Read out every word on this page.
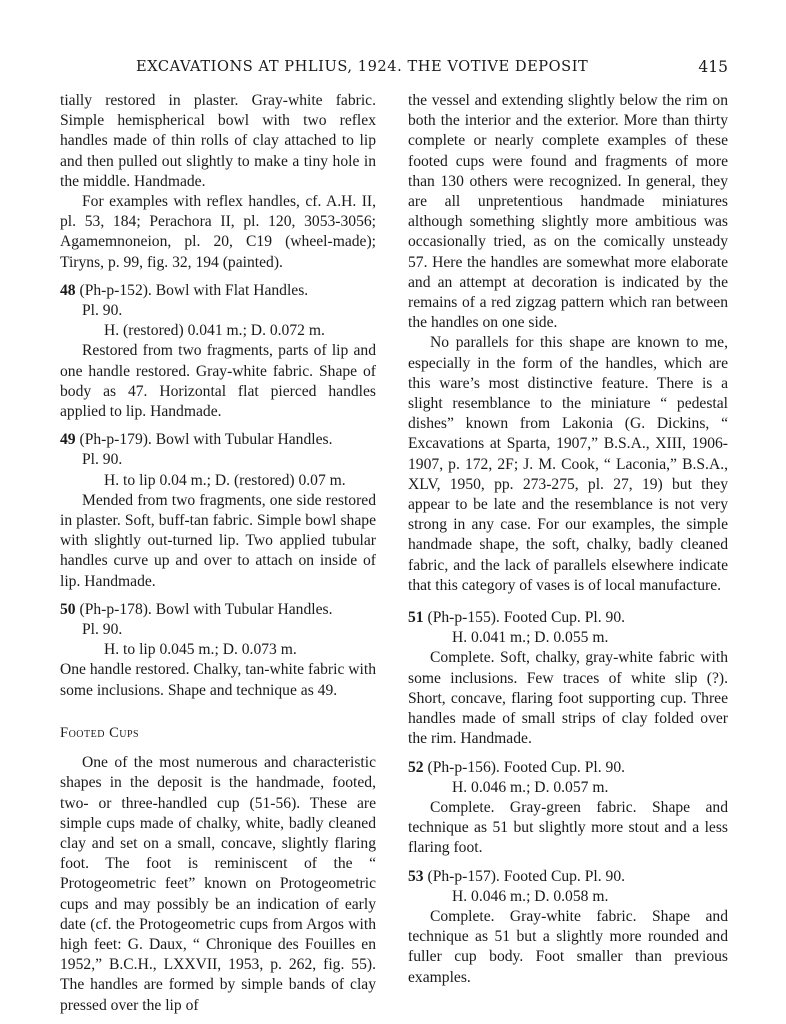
EXCAVATIONS AT PHLIUS, 1924. THE VOTIVE DEPOSIT	415

tially restored in plaster. Gray-white fabric. Simple hemispherical bowl with two reflex handles made of thin rolls of clay attached to lip and then pulled out slightly to make a tiny hole in the middle. Handmade.

For examples with reflex handles, cf. A.H. II, pl. 53, 184; Perachora II, pl. 120, 3053-3056; Agamemnoneion, pl. 20, C19 (wheel-made); Tiryns, p. 99, fig. 32, 194 (painted).

48 (Ph-p-152). Bowl with Flat Handles.

Pl. 90.

H. (restored) 0.041 m.; D. 0.072 m.

Restored from two fragments, parts of lip and one handle restored. Gray-white fabric. Shape of body as 47. Horizontal flat pierced handles applied to lip. Handmade.

49 (Ph-p-179). Bowl with Tubular Handles.

Pl. 90.

H. to lip 0.04 m.; D. (restored) 0.07 m.

Mended from two fragments, one side restored in plaster. Soft, buff-tan fabric. Simple bowl shape with slightly out-turned lip. Two applied tubular handles curve up and over to attach on inside of lip. Handmade.

50 (Ph-p-178). Bowl with Tubular Handles.

Pl. 90.

H. to lip 0.045 m.; D. 0.073 m.

One handle restored. Chalky, tan-white fabric with some inclusions. Shape and technique as 49.

Footed Cups

One of the most numerous and characteristic shapes in the deposit is the handmade, footed, two- or three-handled cup (51-56). These are simple cups made of chalky, white, badly cleaned clay and set on a small, concave, slightly flaring foot. The foot is reminiscent of the “ Protogeometric feet” known on Protogeometric cups and may possibly be an indication of early date (cf. the Protogeometric cups from Argos with high feet: G. Daux, “ Chronique des Fouilles en 1952,” B.C.H., LXXVII, 1953, p. 262, fig. 55). The handles are formed by simple bands of clay pressed over the lip of

the vessel and extending slightly below the rim on both the interior and the exterior. More than thirty complete or nearly complete examples of these footed cups were found and fragments of more than 130 others were recognized. In general, they are all unpretentious handmade miniatures although something slightly more ambitious was occasionally tried, as on the comically unsteady 57. Here the handles are somewhat more elaborate and an attempt at decoration is indicated by the remains of a red zigzag pattern which ran between the handles on one side.

No parallels for this shape are known to me, especially in the form of the handles, which are this ware’s most distinctive feature. There is a slight resemblance to the miniature “ pedestal dishes” known from Lakonia (G. Dickins, “ Excavations at Sparta, 1907,” B.S.A., XIII, 1906-1907, p. 172, 2F; J. M. Cook, “ Laconia,” B.S.A., XLV, 1950, pp. 273-275, pl. 27, 19) but they appear to be late and the resemblance is not very strong in any case. For our examples, the simple handmade shape, the soft, chalky, badly cleaned fabric, and the lack of parallels elsewhere indicate that this category of vases is of local manufacture.

51 (Ph-p-155). Footed Cup. Pl. 90.

H. 0.041 m.; D. 0.055 m.

Complete. Soft, chalky, gray-white fabric with some inclusions. Few traces of white slip (?). Short, concave, flaring foot supporting cup. Three handles made of small strips of clay folded over the rim. Handmade.

52 (Ph-p-156). Footed Cup. Pl. 90.

H. 0.046 m.; D. 0.057 m.

Complete. Gray-green fabric. Shape and technique as 51 but slightly more stout and a less flaring foot.

53 (Ph-p-157). Footed Cup. Pl. 90.

H. 0.046 m.; D. 0.058 m.

Complete. Gray-white fabric. Shape and technique as 51 but a slightly more rounded and fuller cup body. Foot smaller than previous examples.
